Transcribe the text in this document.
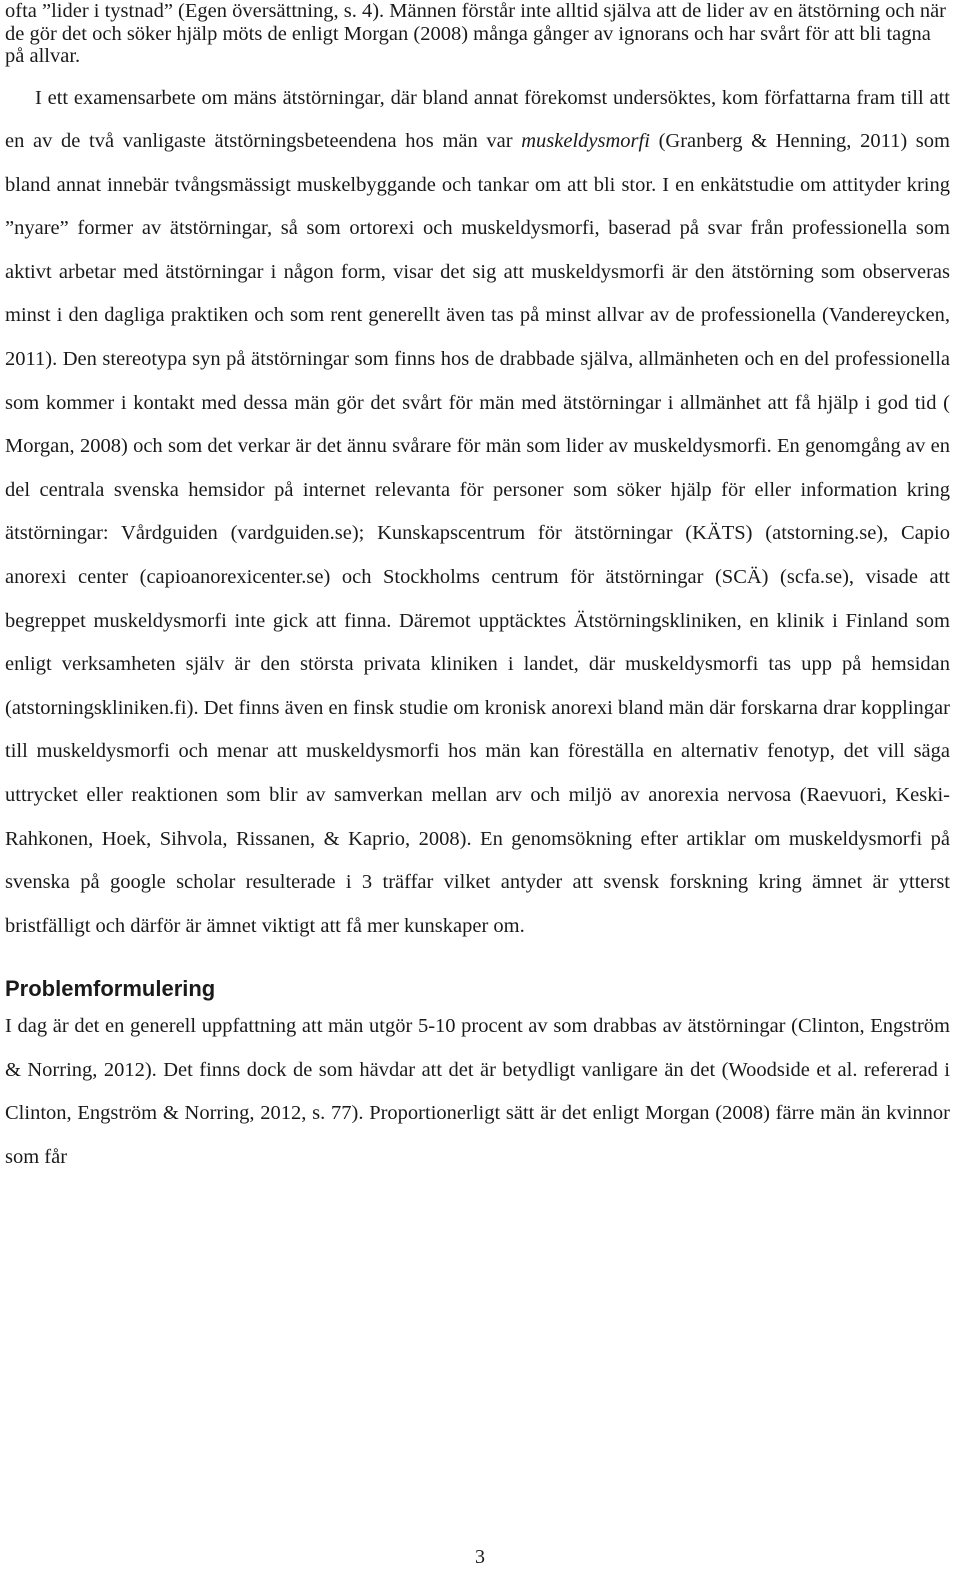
ofta ”lider i tystnad” (Egen översättning, s. 4). Männen förstår inte alltid själva att de lider av en ätstörning och när de gör det och söker hjälp möts de enligt Morgan (2008) många gånger av ignorans och har svårt för att bli tagna på allvar.

I ett examensarbete om mäns ätstörningar, där bland annat förekomst undersöktes, kom författarna fram till att en av de två vanligaste ätstörningsbeteendena hos män var muskeldysmorfi (Granberg & Henning, 2011) som bland annat innebär tvångsmässigt muskelbyggande och tankar om att bli stor. I en enkätstudie om attityder kring ”nyare” former av ätstörningar, så som ortorexi och muskeldysmorfi, baserad på svar från professionella som aktivt arbetar med ätstörningar i någon form, visar det sig att muskeldysmorfi är den ätstörning som observeras minst i den dagliga praktiken och som rent generellt även tas på minst allvar av de professionella (Vandereycken, 2011). Den stereotypa syn på ätstörningar som finns hos de drabbade själva, allmänheten och en del professionella som kommer i kontakt med dessa män gör det svårt för män med ätstörningar i allmänhet att få hjälp i god tid ( Morgan, 2008) och som det verkar är det ännu svårare för män som lider av muskeldysmorfi. En genomgång av en del centrala svenska hemsidor på internet relevanta för personer som söker hjälp för eller information kring ätstörningar: Vårdguiden (vardguiden.se); Kunskapscentrum för ätstörningar (KÄTS) (atstorning.se), Capio anorexi center (capioanorexicenter.se) och Stockholms centrum för ätstörningar (SCÄ) (scfa.se), visade att begreppet muskeldysmorfi inte gick att finna. Däremot upptäcktes Ätstörningskliniken, en klinik i Finland som enligt verksamheten själv är den största privata kliniken i landet, där muskeldysmorfi tas upp på hemsidan (atstorningskliniken.fi). Det finns även en finsk studie om kronisk anorexi bland män där forskarna drar kopplingar till muskeldysmorfi och menar att muskeldysmorfi hos män kan föreställa en alternativ fenotyp, det vill säga uttrycket eller reaktionen som blir av samverkan mellan arv och miljö av anorexia nervosa (Raevuori, Keski-Rahkonen, Hoek, Sihvola, Rissanen, & Kaprio, 2008). En genomsökning efter artiklar om muskeldysmorfi på svenska på google scholar resulterade i 3 träffar vilket antyder att svensk forskning kring ämnet är ytterst bristfälligt och därför är ämnet viktigt att få mer kunskaper om.

Problemformulering

I dag är det en generell uppfattning att män utgör 5-10 procent av som drabbas av ätstörningar (Clinton, Engström & Norring, 2012). Det finns dock de som hävdar att det är betydligt vanligare än det (Woodside et al. refererad i Clinton, Engström & Norring, 2012, s. 77). Proportionerligt sätt är det enligt Morgan (2008) färre män än kvinnor som får

3
